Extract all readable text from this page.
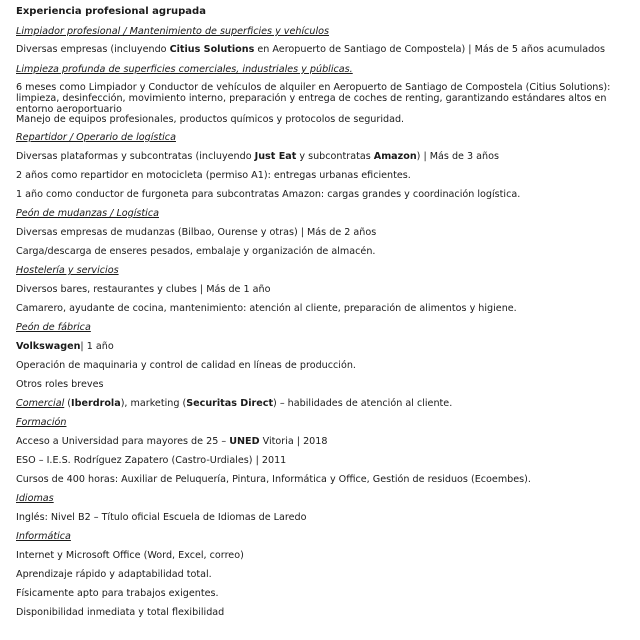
Experiencia profesional agrupada
Limpiador profesional / Mantenimiento de superficies y vehículos
Diversas empresas (incluyendo Citius Solutions en Aeropuerto de Santiago de Compostela) | Más de 5 años acumulados
Limpieza profunda de superficies comerciales, industriales y públicas.
6 meses como Limpiador y Conductor de vehículos de alquiler en Aeropuerto de Santiago de Compostela (Citius Solutions): limpieza, desinfección, movimiento interno, preparación y entrega de coches de renting, garantizando estándares altos en entorno aeroportuario
Manejo de equipos profesionales, productos químicos y protocolos de seguridad.
Repartidor / Operario de logística
Diversas plataformas y subcontratas (incluyendo Just Eat y subcontratas Amazon) | Más de 3 años
2 años como repartidor en motocicleta (permiso A1): entregas urbanas eficientes.
1 año como conductor de furgoneta para subcontratas Amazon: cargas grandes y coordinación logística.
Peón de mudanzas / Logística
Diversas empresas de mudanzas (Bilbao, Ourense y otras) | Más de 2 años
Carga/descarga de enseres pesados, embalaje y organización de almacén.
Hostelería y servicios
Diversos bares, restaurantes y clubes | Más de 1 año
Camarero, ayudante de cocina, mantenimiento: atención al cliente, preparación de alimentos y higiene.
Peón de fábrica
Volkswagen| 1 año
Operación de maquinaria y control de calidad en líneas de producción.
Otros roles breves
Comercial (Iberdrola), marketing (Securitas Direct) – habilidades de atención al cliente.
Formación
Acceso a Universidad para mayores de 25 – UNED Vitoria | 2018
ESO – I.E.S. Rodríguez Zapatero (Castro-Urdiales) | 2011
Cursos de 400 horas: Auxiliar de Peluquería, Pintura, Informática y Office, Gestión de residuos (Ecoembes).
Idiomas
Inglés: Nivel B2 – Título oficial Escuela de Idiomas de Laredo
Informática
Internet y Microsoft Office (Word, Excel, correo)
Aprendizaje rápido y adaptabilidad total.
Físicamente apto para trabajos exigentes.
Disponibilidad inmediata y total flexibilidad
